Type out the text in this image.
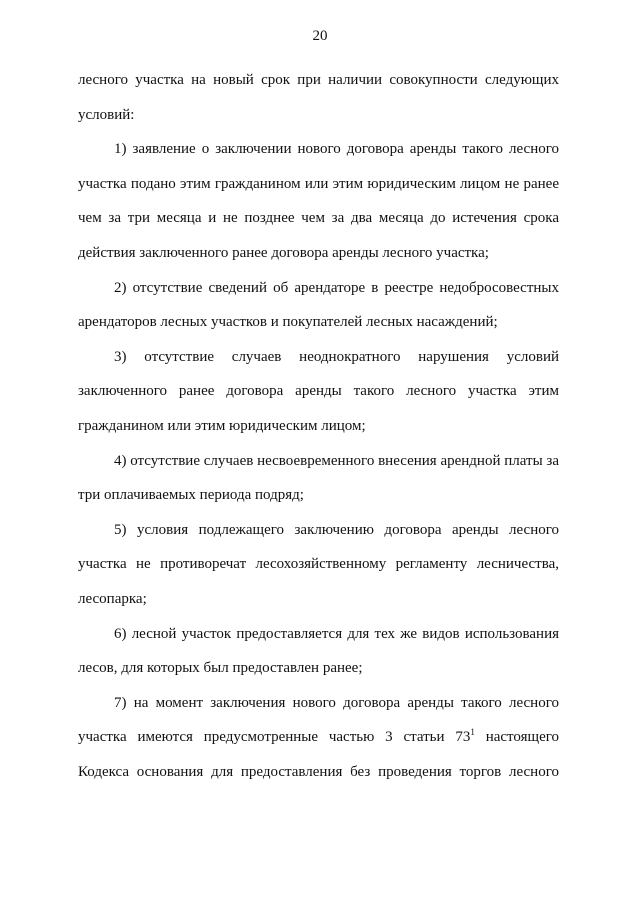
20
лесного участка на новый срок при наличии совокупности следующих
условий:
1) заявление о заключении нового договора аренды такого лесного
участка подано этим гражданином или этим юридическим лицом не ранее
чем за три месяца и не позднее чем за два месяца до истечения срока
действия заключенного ранее договора аренды лесного участка;
2) отсутствие сведений об арендаторе в реестре недобросовестных
арендаторов лесных участков и покупателей лесных насаждений;
3) отсутствие случаев неоднократного нарушения условий
заключенного ранее договора аренды такого лесного участка этим
гражданином или этим юридическим лицом;
4) отсутствие случаев несвоевременного внесения арендной платы за
три оплачиваемых периода подряд;
5) условия подлежащего заключению договора аренды лесного
участка не противоречат лесохозяйственному регламенту лесничества,
лесопарка;
6) лесной участок предоставляется для тех же видов использования
лесов, для которых был предоставлен ранее;
7) на момент заключения нового договора аренды такого лесного
участка имеются предусмотренные частью 3 статьи $73^1$ настоящего
Кодекса основания для предоставления без проведения торгов лесного
